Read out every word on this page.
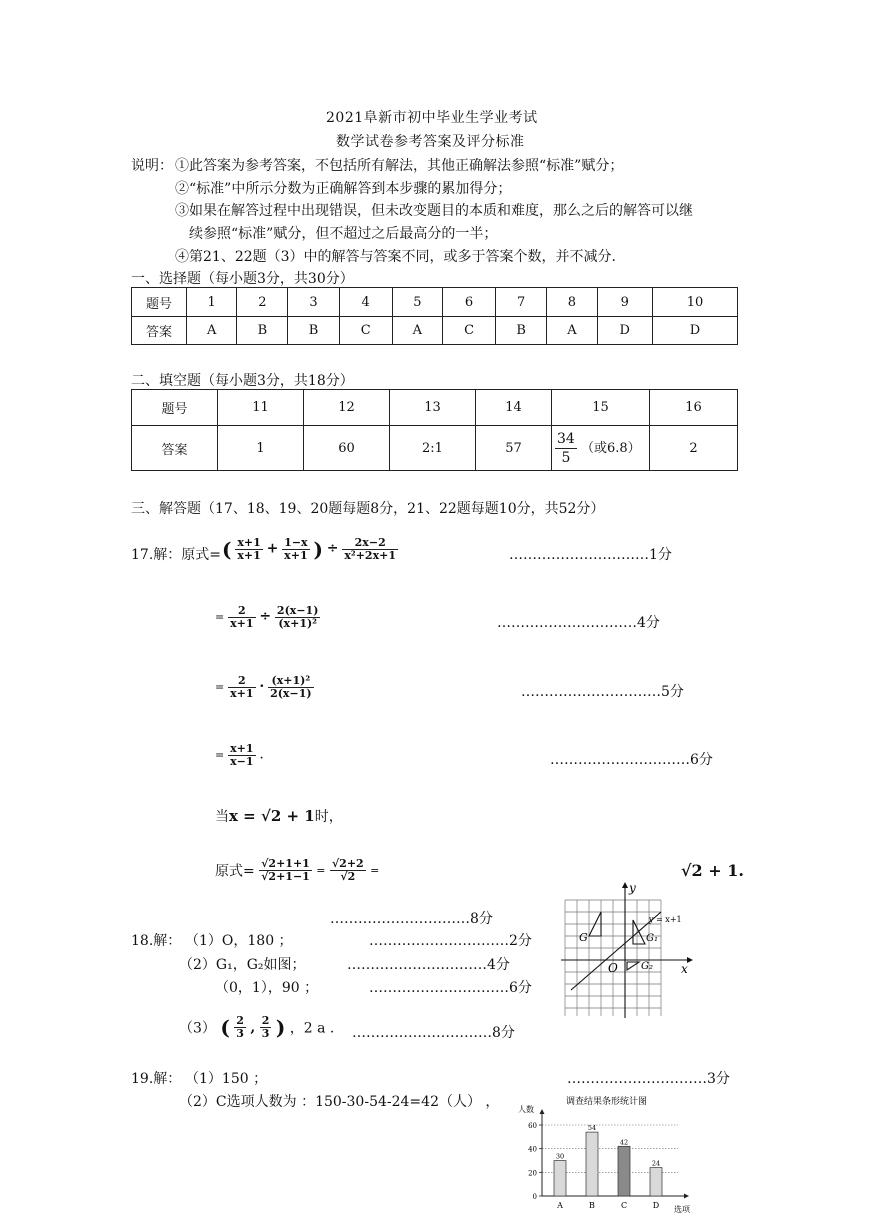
2021阜新市初中毕业生学业考试
数学试卷参考答案及评分标准
说明： ①此答案为参考答案，不包括所有解法，其他正确解法参照“标准”赋分；
②“标准”中所示分数为正确解答到本步骤的累加得分；
③如果在解答过程中出现错误，但未改变题目的本质和难度，那么之后的解答可以继
续参照“标准”赋分，但不超过之后最高分的一半；
④第21、22题（3）中的解答与答案不同，或多于答案个数，并不减分.
一、选择题（每小题3分，共30分）
题号	1	2	3	4	5	6	7	8	9	10
答案	A	B	B	C	A	C	B	A	D	D
二、填空题（每小题3分，共18分）
题号	11	12	13	14	15	16
答案	1	60	2:1	57	$\frac{34}{5}$ （或6.8）	2
三、解答题（17、18、19、20题每题8分，21、22题每题10分，共52分）
17.解：原式= ( $\frac{x+1}{x+1} + \frac{1-x}{x+1}$ ) ÷ $\frac{2x-2}{\text{x²+2x+1}}$	…………………………1分
= $\frac{2}{x+1} \div \frac{2(x-1)}{\text{(x+1)²}}$	…………………………4分
= $\frac{2}{x+1} \cdot \frac{\text{(x+1)²}}{2(x-1)}$	…………………………5分
= $\frac{x+1}{x-1}$ .	…………………………6分
当x = √2 + 1时，
原式= $\frac{√2+1+1}{√2+1-1} = \frac{√2+2}{√2}$ =	√2 + 1.
…………………………8分
18.解： （1）O，180 ；	…………………………2分
（2）G₁，G₂如图；	…………………………4分
（0，1），90 ；	…………………………6分
（3） ( $\frac{2}{3}$ , $\frac{2}{3}$ ) ，2 a . …………………………8分
y
x
O
y = x+1
G	G₁
G₂
19.解： （1）150 ；	…………………………3分
（2）C选项人数为 ：150-30-54-24=42（人） ，	调查结果条形统计图
人数
选项
0
20
40
60
30
A
54
B
42
C
24
D
